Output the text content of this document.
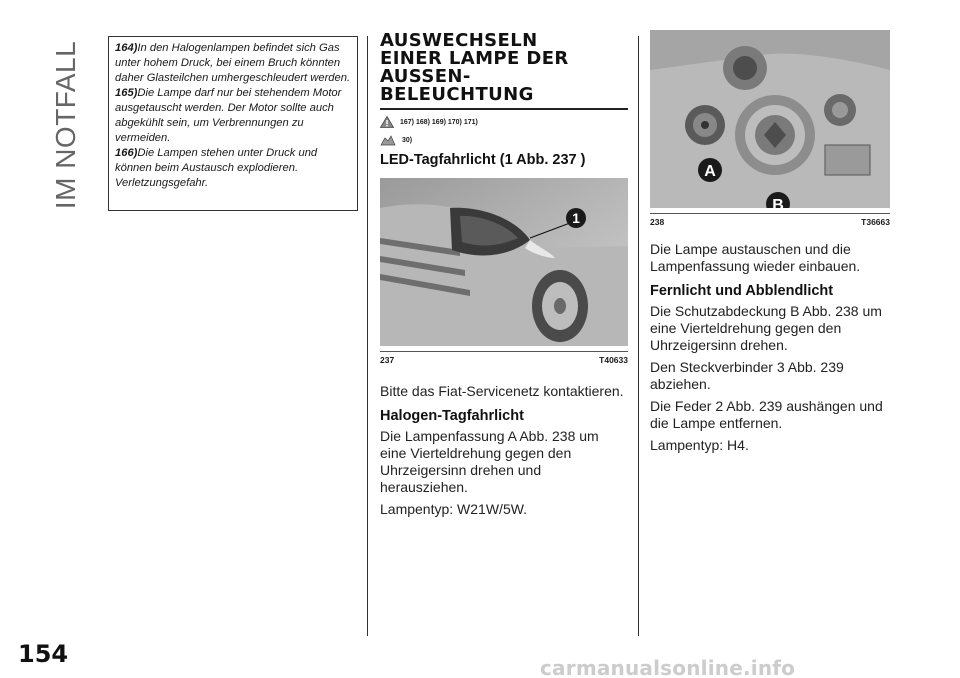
IM NOTFALL
154

164)In den Halogenlampen befindet sich Gas unter hohem Druck, bei einem Bruch könnten daher Glasteilchen umhergeschleudert werden.

165)Die Lampe darf nur bei stehendem Motor ausgetauscht werden. Der Motor sollte auch abgekühlt sein, um Verbrennungen zu vermeiden.

166)Die Lampen stehen unter Druck und können beim Austausch explodieren. Verletzungsgefahr.

AUSWECHSELN
EINER LAMPE DER
AUSSEN-
BELEUCHTUNG
167) 168) 169) 170) 171)
30)
LED-Tagfahrlicht (1 Abb. 237 )
1
237	T40633

Bitte das Fiat-Servicenetz kontaktieren.

Halogen-Tagfahrlicht

Die Lampenfassung A Abb. 238 um eine Vierteldrehung gegen den Uhrzeigersinn drehen und herausziehen.

Lampentyp: W21W/5W.

A
B
238	T36663

Die Lampe austauschen und die Lampenfassung wieder einbauen.

Fernlicht und Abblendlicht

Die Schutzabdeckung B Abb. 238 um eine Vierteldrehung gegen den Uhrzeigersinn drehen.

Den Steckverbinder 3 Abb. 239 abziehen.

Die Feder 2 Abb. 239 aushängen und die Lampe entfernen.

Lampentyp: H4.

carmanualsonline.info
